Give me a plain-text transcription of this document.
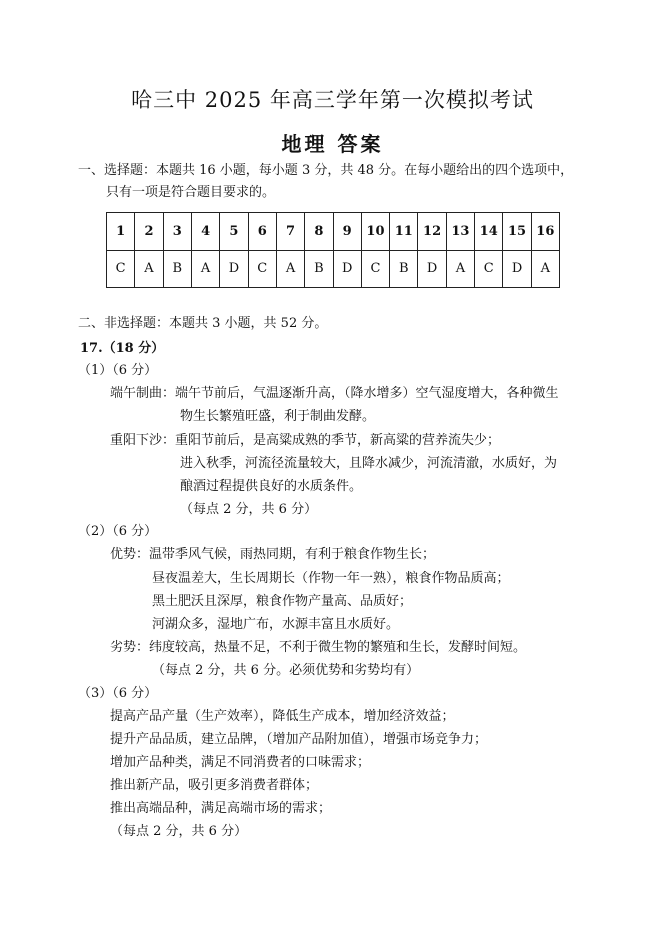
哈三中 2025 年高三学年第一次模拟考试
地理 答案
一、选择题：本题共 16 小题，每小题 3 分，共 48 分。在每小题给出的四个选项中，
只有一项是符合题目要求的。
1	2	3	4	5	6	7	8	9	10	11	12	13	14	15	16
C	A	B	A	D	C	A	B	D	C	B	D	A	C	D	A
二、非选择题：本题共 3 小题，共 52 分。
17.（18 分）
（1）（6 分）
端午制曲：端午节前后，气温逐渐升高，（降水增多）空气湿度增大，各种微生
物生长繁殖旺盛，利于制曲发酵。
重阳下沙：重阳节前后，是高粱成熟的季节，新高粱的营养流失少；
进入秋季，河流径流量较大，且降水减少，河流清澈，水质好，为
酿酒过程提供良好的水质条件。
（每点 2 分，共 6 分）
（2）（6 分）
优势：温带季风气候，雨热同期，有利于粮食作物生长；
昼夜温差大，生长周期长（作物一年一熟），粮食作物品质高；
黑土肥沃且深厚，粮食作物产量高、品质好；
河湖众多，湿地广布，水源丰富且水质好。
劣势：纬度较高，热量不足，不利于微生物的繁殖和生长，发酵时间短。
（每点 2 分，共 6 分。必须优势和劣势均有）
（3）（6 分）
提高产品产量（生产效率），降低生产成本，增加经济效益；
提升产品品质，建立品牌，（增加产品附加值），增强市场竞争力；
增加产品种类，满足不同消费者的口味需求；
推出新产品，吸引更多消费者群体；
推出高端品种，满足高端市场的需求；
（每点 2 分，共 6 分）
